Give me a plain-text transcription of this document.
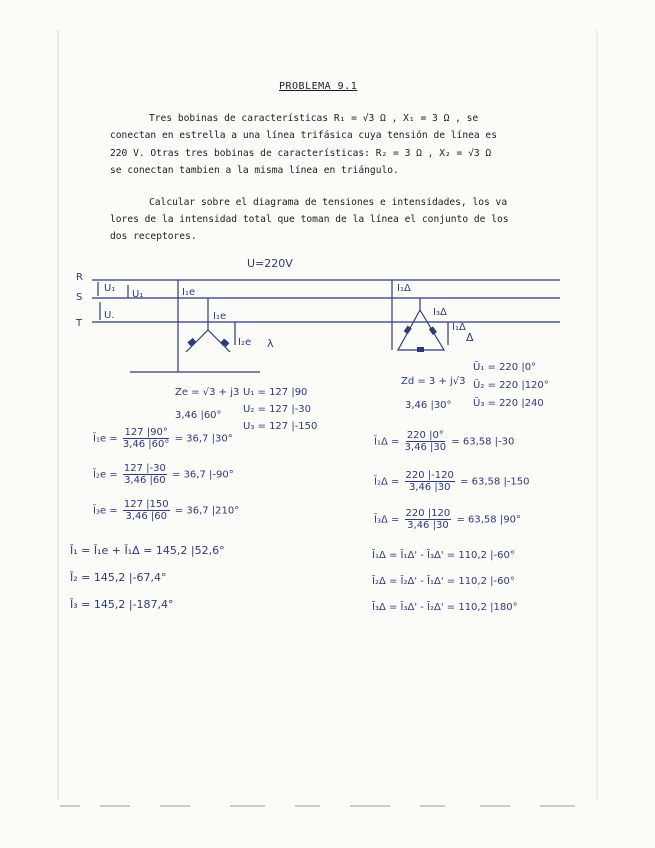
PROBLEMA 9.1
Tres bobinas de características R₁ = √3 Ω , X₁ = 3 Ω , se
conectan en estrella a una línea trifásica cuya tensión de línea es
220 V. Otras tres bobinas de características: R₂ = 3 Ω , X₂ = √3 Ω
se conectan tambien a la misma línea en triángulo.
Calcular sobre el diagrama de tensiones e intensidades, los va
lores de la intensidad total que toman de la línea el conjunto de los
dos receptores.
U=220V
R
S
T
U₁
U₁
U.
I₁e
I₁e
I₂e λ
I₁Δ
I₃Δ
I₁Δ
Δ
Ze = √3 + j3
3,46 |60°
U₁ = 127 |90
U₂ = 127 |-30
U₃ = 127 |-150
Ī₁e = $\frac{127 |90^\circ}{3,46 |60^\circ} = 36,7$ |30°
Ī₂e = $\frac{127 |-30}{3,46 |60} = 36,7$ |-90°
Ī₃e = $\frac{127 |150}{3,46 |60} = 36,7$ |210°
Zd = 3 + j√3
3,46 |30°
Ū₁ = 220 |0°
Ū₂ = 220 |120°
Ū₃ = 220 |240
Ī₁Δ = $\frac{220 |0^\circ}{3,46 |30} = 63,58$ |-30
Ī₂Δ = $\frac{220 |-120}{3,46 |30} = 63,58$ |-150
Ī₃Δ = $\frac{220 |120}{3,46 |30} = 63,58$ |90°
Ī₁Δ = Ī₁Δ' - Ī₃Δ' = 110,2 |-60°
Ī₂Δ = Ī₂Δ' - Ī₁Δ' = 110,2 |-60°
Ī₃Δ = Ī₃Δ' - Ī₂Δ' = 110,2 |180°
Ī₁ = Ī₁e + Ī₁Δ = 145,2 |52,6°
Ī₂ = 145,2 |-67,4°
Ī₃ = 145,2 |-187,4°
